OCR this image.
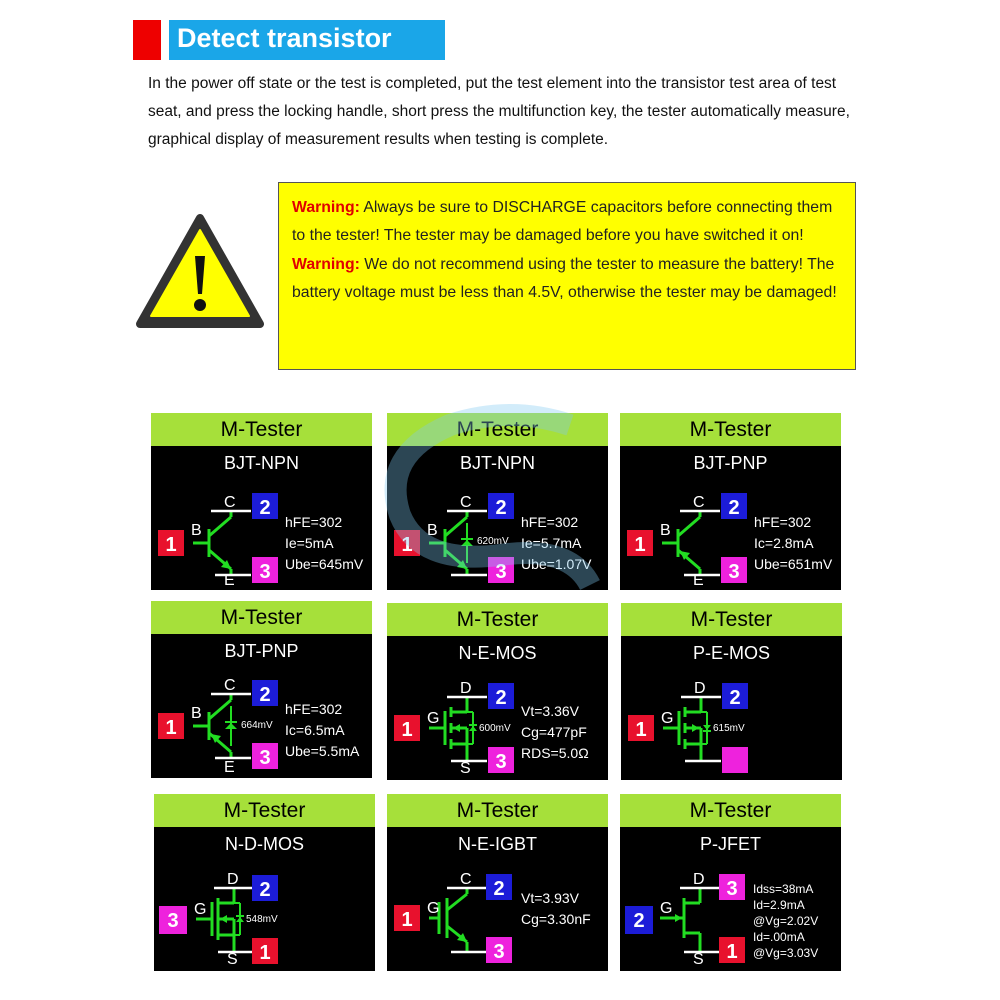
Detect transistor
In the power off state or the test is completed, put the test element into the transistor test area of test seat, and press the locking handle, short press the multifunction key, the tester automatically measure, graphical display of measurement results when testing is complete.
Warning: Always be sure to DISCHARGE capacitors before connecting them to the tester! The tester may be damaged before you have switched it on!
Warning: We do not recommend using the tester to measure the battery! The battery voltage must be less than 4.5V, otherwise the tester may be damaged!
M-Tester
BJT-NPN
1
2
3
B
C
E
hFE=302
Ie=5mA
Ube=645mV
M-Tester
BJT-NPN
1
2
3
B
C
620mV
hFE=302
Ie=5.7mA
Ube=1.07V
M-Tester
BJT-PNP
1
2
3
B
C
E
hFE=302
Ic=2.8mA
Ube=651mV
M-Tester
BJT-PNP
1
2
3
B
C
E
664mV
hFE=302
Ic=6.5mA
Ube=5.5mA
M-Tester
N-E-MOS
1
2
3
G
D
S
600mV
Vt=3.36V
Cg=477pF
RDS=5.0Ω
M-Tester
P-E-MOS
1
2
G
D
615mV
M-Tester
N-D-MOS
3
2
1
G
D
S
548mV
M-Tester
N-E-IGBT
1
2
3
G
C
Vt=3.93V
Cg=3.30nF
M-Tester
P-JFET
2
3
1
G
D
S
Idss=38mA
Id=2.9mA
@Vg=2.02V
Id=.00mA
@Vg=3.03V
